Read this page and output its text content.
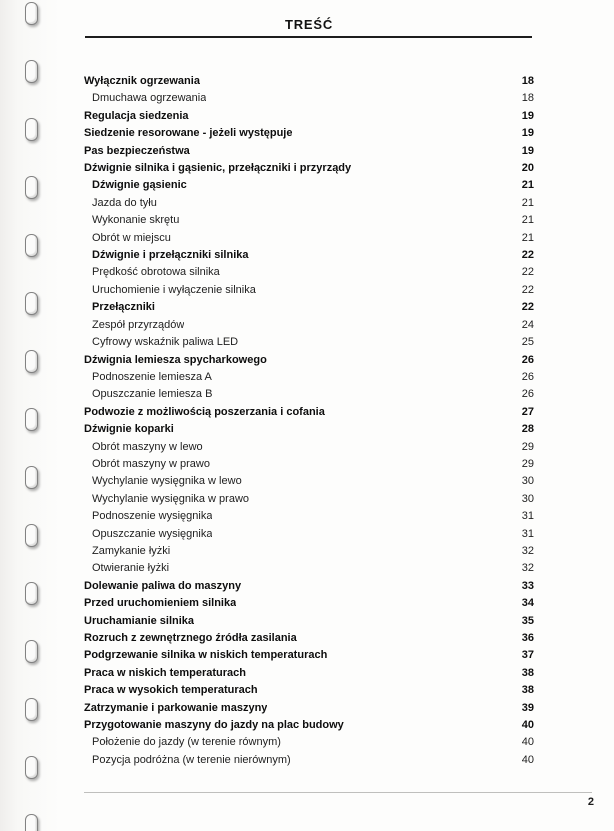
TREŚĆ
Wyłącznik ogrzewania	18
Dmuchawa ogrzewania	18
Regulacja siedzenia	19
Siedzenie resorowane - jeżeli występuje	19
Pas bezpieczeństwa	19
Dźwignie silnika i gąsienic, przełączniki i przyrządy	20
Dźwignie gąsienic	21
Jazda do tyłu	21
Wykonanie skrętu	21
Obrót w miejscu	21
Dźwignie i przełączniki silnika	22
Prędkość obrotowa silnika	22
Uruchomienie i wyłączenie silnika	22
Przełączniki	22
Zespół przyrządów	24
Cyfrowy wskaźnik paliwa LED	25
Dźwignia lemiesza spycharkowego	26
Podnoszenie lemiesza A	26
Opuszczanie lemiesza B	26
Podwozie z możliwością poszerzania i cofania	27
Dźwignie koparki	28
Obrót maszyny w lewo	29
Obrót maszyny w prawo	29
Wychylanie wysięgnika w lewo	30
Wychylanie wysięgnika w prawo	30
Podnoszenie wysięgnika	31
Opuszczanie wysięgnika	31
Zamykanie łyżki	32
Otwieranie łyżki	32
Dolewanie paliwa do maszyny	33
Przed uruchomieniem silnika	34
Uruchamianie silnika	35
Rozruch z zewnętrznego źródła zasilania	36
Podgrzewanie silnika w niskich temperaturach	37
Praca w niskich temperaturach	38
Praca w wysokich temperaturach	38
Zatrzymanie i parkowanie maszyny	39
Przygotowanie maszyny do jazdy na plac budowy	40
Położenie do jazdy (w terenie równym)	40
Pozycja podróżna (w terenie nierównym)	40
2
